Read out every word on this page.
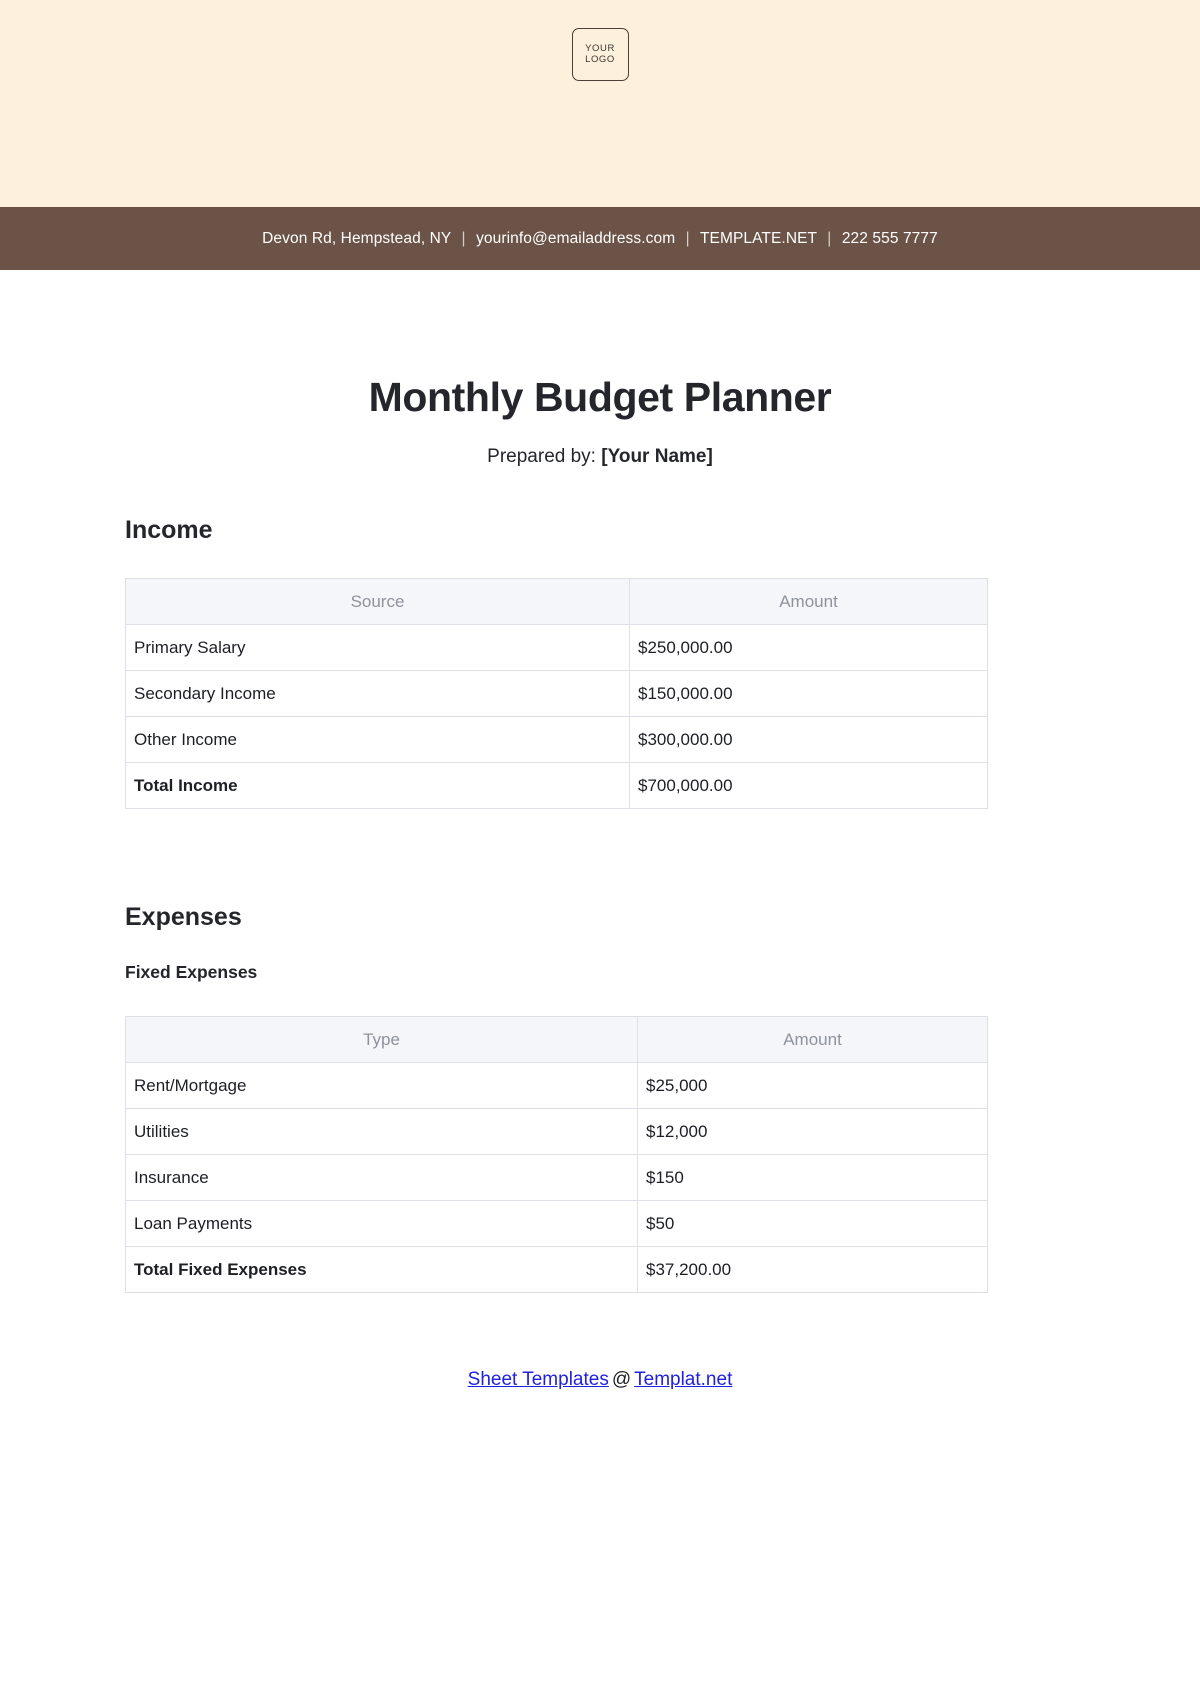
YOUR
LOGO
Devon Rd, Hempstead, NY | yourinfo@emailaddress.com | TEMPLATE.NET | 222 555 7777
Monthly Budget Planner

Prepared by: [Your Name]

Income
Source	Amount
Primary Salary	$250,000.00
Secondary Income	$150,000.00
Other Income	$300,000.00
Total Income	$700,000.00
Expenses
Fixed Expenses
Type	Amount
Rent/Mortgage	$25,000
Utilities	$12,000
Insurance	$150
Loan Payments	$50
Total Fixed Expenses	$37,200.00
Sheet Templates @ Templat.net
